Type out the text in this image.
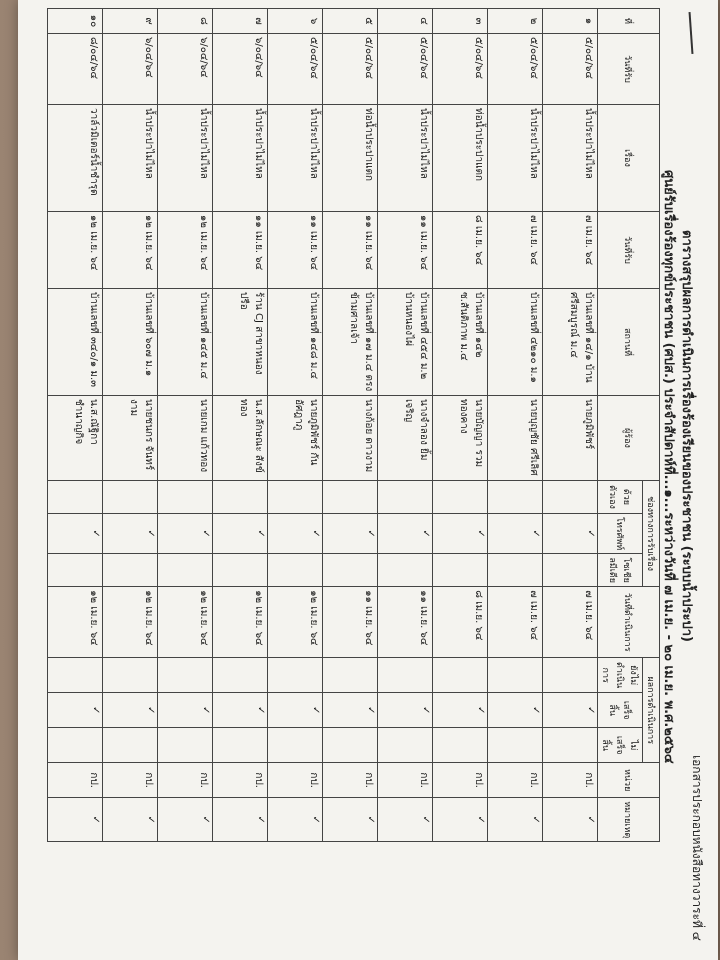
เอกสารประกอบหนังสือทางวาระที่ ๔
ตารางสรุปผลการดำเนินการเรื่องร้องเรียนของประชาชน (ระบบน้ำประปา)
ศูนย์รับเรื่องร้องทุกข์ประชาชน (ศปส.) ประจำสัปดาห์ที่...๑...ระหว่างวันที่ ๗ เม.ย. - ๒๐ เม.ย. พ.ศ.๒๕๖๔
ที่	วันที่รับ	เรื่อง	วันที่รับ	สถานที่	ผู้ร้อง	ช่องทางการรับเรื่อง			วันที่ดำเนินการ	ผลการดำเนินการ			หน่วย	หมายเหตุ
						ด้วยตัวเอง	โทรศัพท์	โซเชียลมีเดีย		ยังไม่ดำเนินการ	เสร็จสิ้น	ไม่เสร็จสิ้น		
๑	๕/๐๔/๖๔	น้ำประปาไม่ไหล	๗ เม.ย. ๖๔	บ้านเลขที่ ๑๔/๑ บ้านศรีสมบูรณ์ ม.๔	นายภูมิพัชร์		✓		๗ เม.ย. ๖๔		✓		กป.	✓
๒	๕/๐๔/๖๔	น้ำประปาไม่ไหล	๗ เม.ย. ๖๔	บ้านเลขที่ ๔๒๑๐ ม.๑	นายบุญชัย ศรีเลิศ		✓		๗ เม.ย. ๖๔		✓		กป.	✓
๓	๕/๐๔/๖๔	ท่อน้ำประปาแตก	๘ เม.ย. ๖๔	บ้านเลขที่ ๑๔๒ ซ.สันติภาพ ม.๔	นายบัญญา รวมทองคาง		✓		๘ เม.ย. ๖๔		✓		กป.	✓
๔	๕/๐๔/๖๔	น้ำประปาไม่ไหล	๑๑ เม.ย. ๖๔	บ้านเลขที่ ๔๕๔ ม.๒ บ้านหนองไผ่	นางจำลอง ยิ้มเจริญ		✓		๑๑ เม.ย. ๖๔		✓		กป.	✓
๕	๕/๐๔/๖๔	ท่อน้ำประปาแตก	๑๑ เม.ย. ๖๔	บ้านเลขที่ ๑๗ ม.๔ ตรงข้ามศาลเจ้า	นางก้อย ดาวงาม		✓		๑๑ เม.ย. ๖๔		✓		กป.	✓
๖	๕/๐๔/๖๔	น้ำประปาไม่ไหล	๑๑ เม.ย. ๖๔	บ้านเลขที่ ๑๔๘ ม.๔	นายภูมิพัชร์ กันอัศฎาภู		✓		๑๒ เม.ย. ๖๔		✓		กป.	✓
๗	๖/๐๔/๖๔	น้ำประปาไม่ไหล	๑๑ เม.ย. ๖๔	ร้าน CJ สาขาหนองปรือ	น.ส.ลักษณะ สังข์ทอง		✓		๑๒ เม.ย. ๖๔		✓		กป.	✓
๘	๖/๐๔/๖๔	น้ำประปาไม่ไหล	๑๒ เม.ย. ๖๔	บ้านเลขที่ ๑๔๕ ม.๔	นายเกม แก้วทอง		✓		๑๒ เม.ย. ๖๔		✓		กป.	✓
๙	๖/๐๔/๖๔	น้ำประปาไม่ไหล	๑๒ เม.ย. ๖๔	บ้านเลขที่ ๖๐๗ ม.๑	นายชนกร จันทร์งาม		✓		๑๒ เม.ย. ๖๔		✓		กป.	✓
๑๐	๘/๐๔/๖๔	วาล์วมิเตอร์น้ำชำรุด	๑๒ เม.ย. ๖๔	บ้านเลขที่ ๓๔๐/๑ ม.๓	น.ส.ณัฐิกา ชำนาญกิจ		✓		๑๒ เม.ย. ๖๔		✓		กป.	✓
